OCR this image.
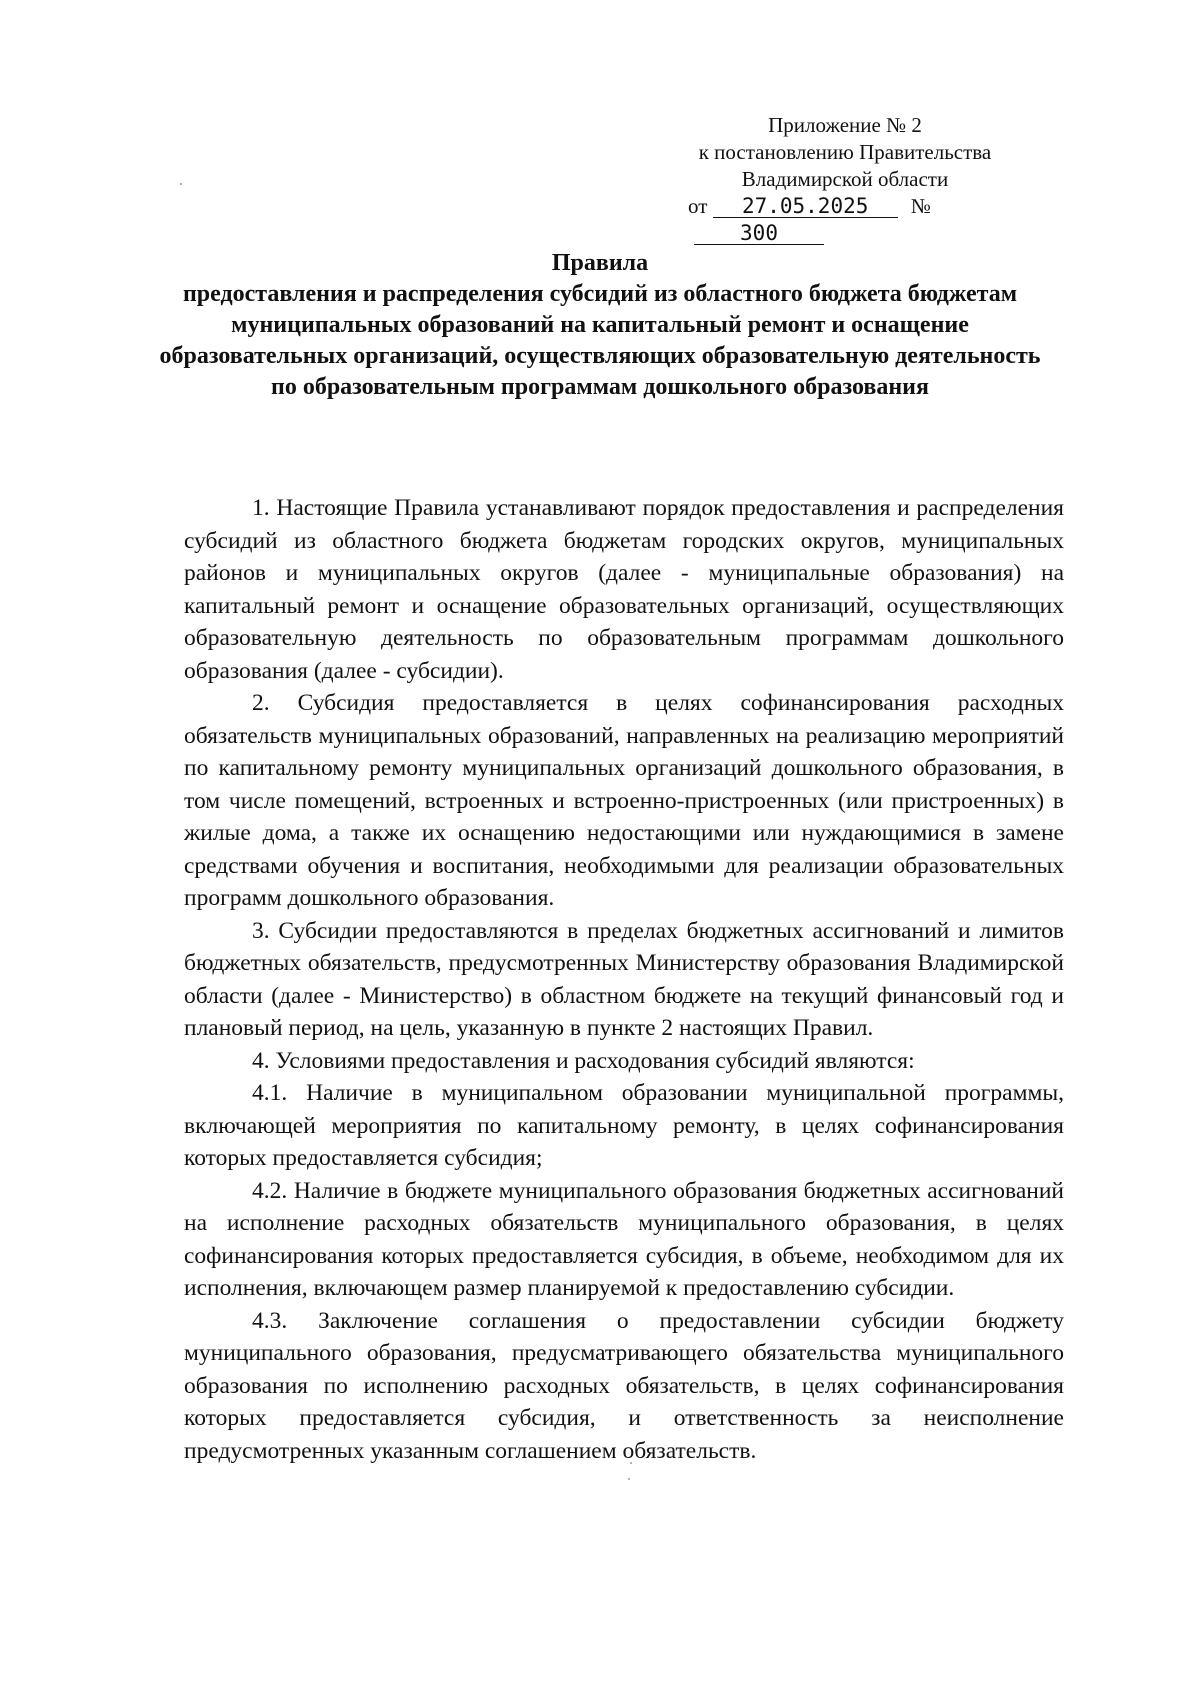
Приложение № 2
к постановлению Правительства
Владимирской области
от 27.05.2025 № 300
Правила
предоставления и распределения субсидий из областного бюджета бюджетам муниципальных образований на капитальный ремонт и оснащение образовательных организаций, осуществляющих образовательную деятельность по образовательным программам дошкольного образования

1. Настоящие Правила устанавливают порядок предоставления и распределения субсидий из областного бюджета бюджетам городских округов, муниципальных районов и муниципальных округов (далее - муниципальные образования) на капитальный ремонт и оснащение образовательных организаций, осуществляющих образовательную деятельность по образовательным программам дошкольного образования (далее - субсидии).

2. Субсидия предоставляется в целях софинансирования расходных обязательств муниципальных образований, направленных на реализацию мероприятий по капитальному ремонту муниципальных организаций дошкольного образования, в том числе помещений, встроенных и встроенно-пристроенных (или пристроенных) в жилые дома, а также их оснащению недостающими или нуждающимися в замене средствами обучения и воспитания, необходимыми для реализации образовательных программ дошкольного образования.

3. Субсидии предоставляются в пределах бюджетных ассигнований и лимитов бюджетных обязательств, предусмотренных Министерству образования Владимирской области (далее - Министерство) в областном бюджете на текущий финансовый год и плановый период, на цель, указанную в пункте 2 настоящих Правил.

4. Условиями предоставления и расходования субсидий являются:

4.1. Наличие в муниципальном образовании муниципальной программы, включающей мероприятия по капитальному ремонту, в целях софинансирования которых предоставляется субсидия;

4.2. Наличие в бюджете муниципального образования бюджетных ассигнований на исполнение расходных обязательств муниципального образования, в целях софинансирования которых предоставляется субсидия, в объеме, необходимом для их исполнения, включающем размер планируемой к предоставлению субсидии.

4.3. Заключение соглашения о предоставлении субсидии бюджету муниципального образования, предусматривающего обязательства муниципального образования по исполнению расходных обязательств, в целях софинансирования которых предоставляется субсидия, и ответственность за неисполнение предусмотренных указанным соглашением обязательств.
